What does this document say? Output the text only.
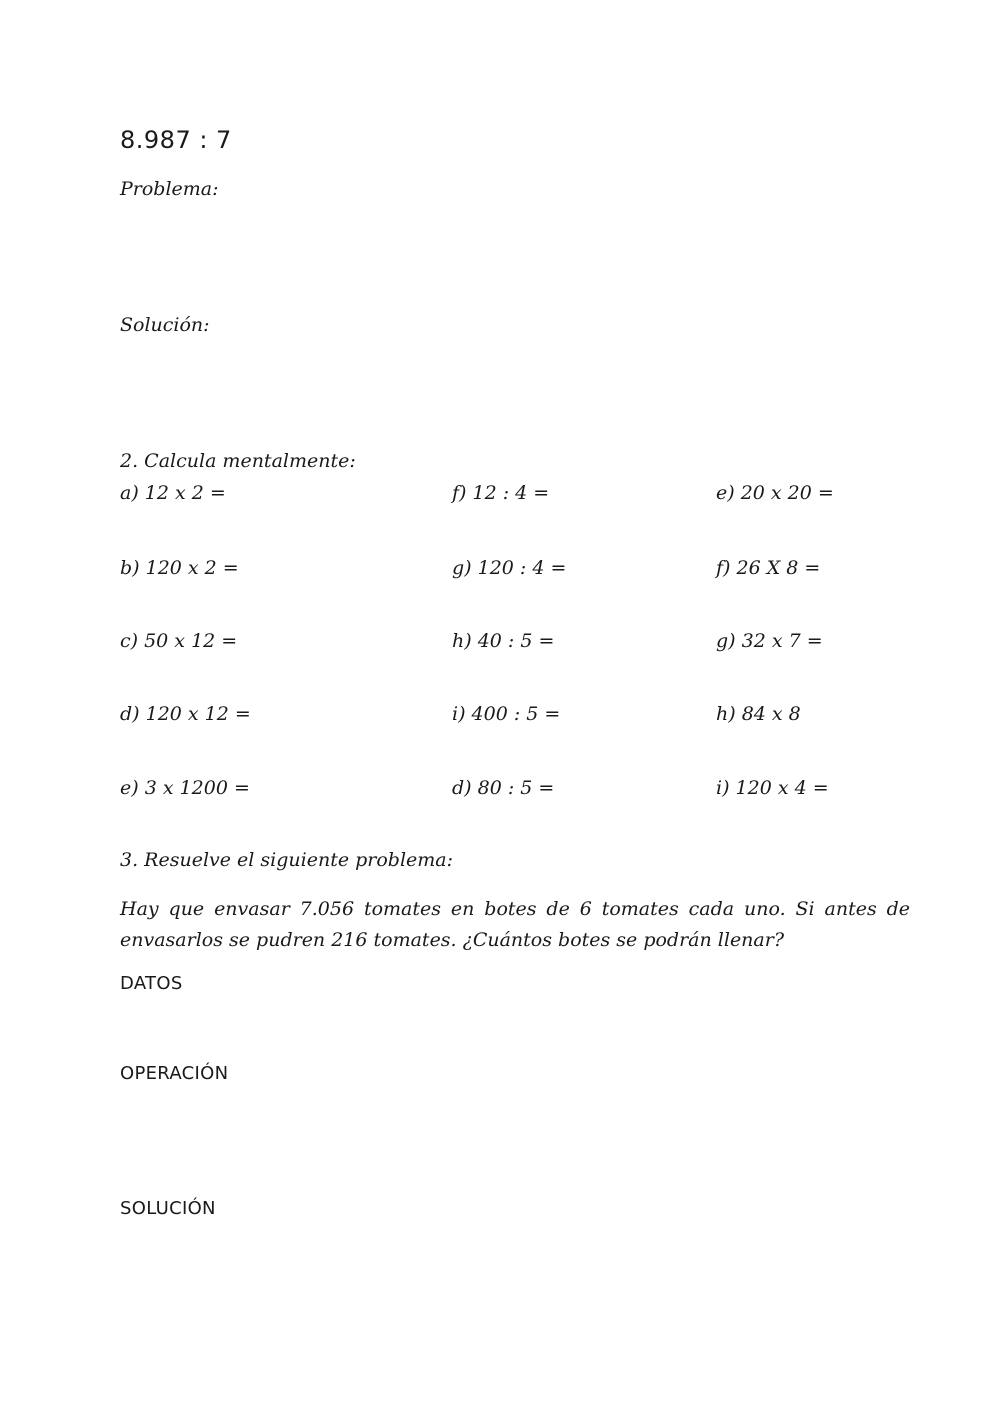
8.987 : 7
Problema:
Solución:
2. Calcula mentalmente:
a) 12 x 2 =
b) 120 x 2 =
c) 50 x 12 =
d) 120 x 12 =
e) 3 x 1200 =
f) 12 : 4 =
g) 120 : 4 =
h) 40 : 5 =
i) 400 : 5 =
d) 80 : 5 =
e) 20 x 20 =
f) 26 X 8 =
g) 32 x 7 =
h) 84 x 8
i) 120 x 4 =
3. Resuelve el siguiente problema:
Hay que envasar 7.056 tomates en botes de 6 tomates cada uno. Si antes de envasarlos se pudren 216 tomates. ¿Cuántos botes se podrán llenar?
DATOS
OPERACIÓN
SOLUCIÓN
